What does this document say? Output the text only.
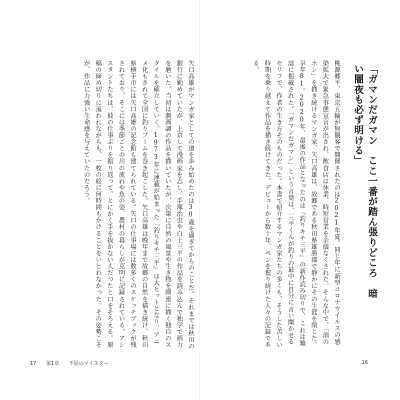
「ガマンだガマン　ここ一番が踏ん張りどころ　暗い闇夜も必ず明ける」

桃源郷平、東京五輪が無観客で開催されたのは2021年夏。同じ年に新型コロナウイルスの感染拡大で緊急事態宣言が出され、飲食店は休業、時短営業を余儀なくされた。そんな中で、「酒のホシ」を描き続けるマンガ家、矢口高雄は、故郷である秋田県雄勝郡で静かにその生涯を閉じた。享年81。2020年、最後の作品となったのは『釣りキチ三平』の新作読み切りで、これは雑誌に掲載された。「ガマンだガマン」という言葉は、三平くんが釣りの最中に自分に言い聞かせるセリフで、作者の生き方そのものだった。本書で紹介するマンガ家たちの多くも、そうした苦しい時期を乗り越えて作品を描き続けてきた。デビューから数十年、ペンを握り続けた人々の記録である。

矢口高雄がマンガ家としての道を歩み始めたのは30歳を過ぎてからのことだ。それまでは秋田の銀行に勤めていたが、上京して漫画家を志し、手塚治虫や白土三平の作品を読み込んで独学で画力を磨いた。当初は劇画調の作品を描いていたが、次第に自然の風景や生き物を細密に描く独自のスタイルを確立していく。1973年に連載が始まった『釣りキチ三平』は大ヒットとなり、アニメ化もされて全国に釣りブームを巻き起こした。矢口高雄は晩年まで故郷の自然を描き続け、秋田県横手市には矢口高雄の記念館も建てられている。矢口の仕事場には数多くのスケッチブックが残されており、そこには季節ごとの川の流れや魚の姿、農村の暮らしが克明に記録されている。アシスタントたちは、彼の仕事ぶりを振り返って、とにかく手を抜かない人だったと口をそろえる。原稿の締め切りに追われながらも、一枚の絵に何時間もかけることをいとわなかった。その姿勢こそが、作品に力強い生命感を与えていたのだろう。

17 第1章 不屈のマイスター	16
